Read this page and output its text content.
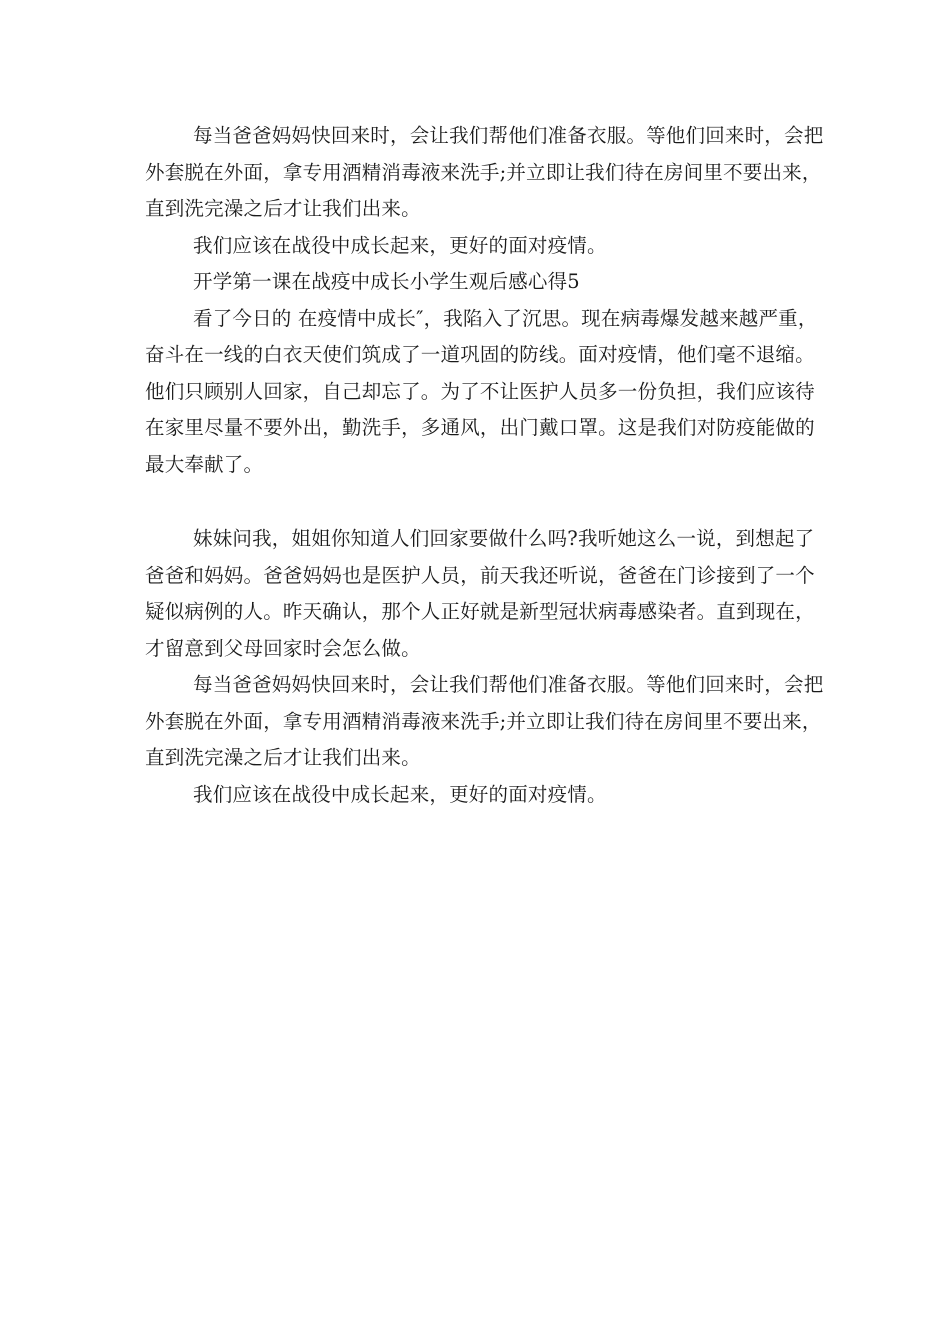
每当爸爸妈妈快回来时，会让我们帮他们准备衣服。等他们回来时，会把
外套脱在外面，拿专用酒精消毒液来洗手;并立即让我们待在房间里不要出来，
直到洗完澡之后才让我们出来。
我们应该在战役中成长起来，更好的面对疫情。
开学第一课在战疫中成长小学生观后感心得5
看了今日的 在疫情中成长″，我陷入了沉思。现在病毒爆发越来越严重，
奋斗在一线的白衣天使们筑成了一道巩固的防线。面对疫情，他们毫不退缩。
他们只顾别人回家，自己却忘了。为了不让医护人员多一份负担，我们应该待
在家里尽量不要外出，勤洗手，多通风，出门戴口罩。这是我们对防疫能做的
最大奉献了。
妹妹问我，姐姐你知道人们回家要做什么吗?我听她这么一说，到想起了
爸爸和妈妈。爸爸妈妈也是医护人员，前天我还听说，爸爸在门诊接到了一个
疑似病例的人。昨天确认，那个人正好就是新型冠状病毒感染者。直到现在，
才留意到父母回家时会怎么做。
每当爸爸妈妈快回来时，会让我们帮他们准备衣服。等他们回来时，会把
外套脱在外面，拿专用酒精消毒液来洗手;并立即让我们待在房间里不要出来，
直到洗完澡之后才让我们出来。
我们应该在战役中成长起来，更好的面对疫情。
